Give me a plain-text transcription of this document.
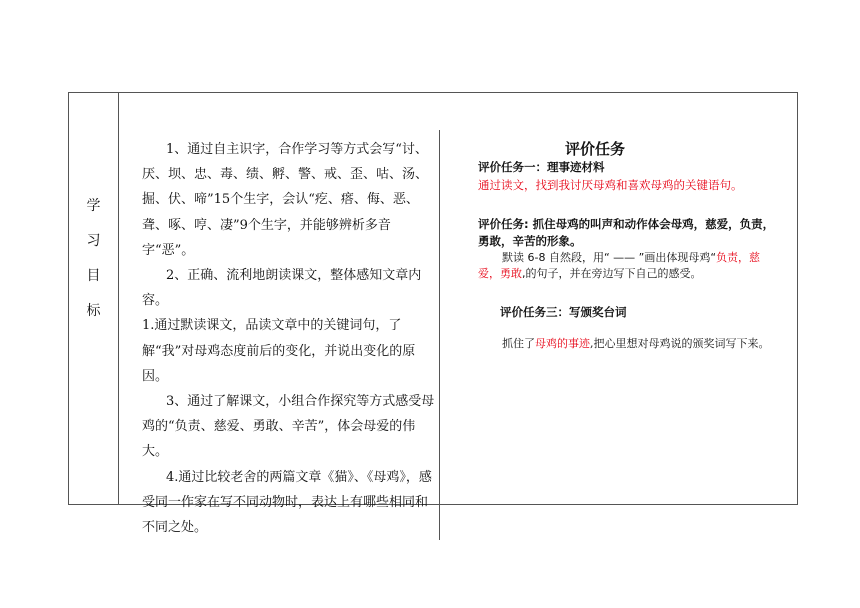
学
习
目
标

1、通过自主识字，合作学习等方式会写“讨、厌、坝、忠、毒、绩、孵、警、戒、歪、咕、汤、掘、伏、啼”15个生字，会认“疙、瘩、侮、恶、聋、啄、哼、凄”9个生字，并能够辨析多音字“恶”。

2、正确、流利地朗读课文，整体感知文章内容。

1.通过默读课文，品读文章中的关键词句，了解“我”对母鸡态度前后的变化，并说出变化的原因。

3、通过了解课文，小组合作探究等方式感受母鸡的“负责、慈爱、勇敢、辛苦”，体会母爱的伟大。

4.通过比较老舍的两篇文章《猫》、《母鸡》，感受同一作家在写不同动物时，表达上有哪些相同和不同之处。

评价任务
评价任务一：理事迹材料
通过读文，找到我讨厌母鸡和喜欢母鸡的关键语句。
评价任务: 抓住母鸡的叫声和动作体会母鸡，慈爱，负责，勇敢，辛苦的形象。
默读 6-8 自然段，用“ —— ”画出体现母鸡“负责，慈爱，勇敢,的句子，并在旁边写下自己的感受。
评价任务三：写颁奖台词
抓住了母鸡的事迹,把心里想对母鸡说的颁奖词写下来。
